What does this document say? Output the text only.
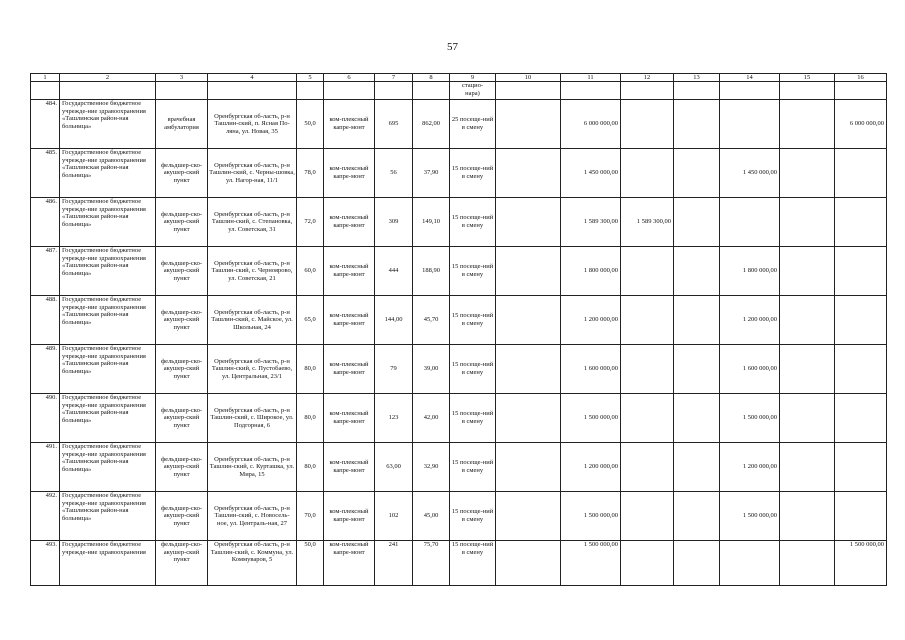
57
1	2	3	4	5	6	7	8	9	10	11	12	13	14	15	16
								стацио-
нара)							
484.	Государственное бюджетное учрежде-ние здравоохранения «Ташлинская район-ная больница»	врачебная амбулатория	Оренбургская об-ласть, р-н Ташлин-ский, п. Ясная По-ляна, ул. Новая, 35	50,0	ком-плексный капре-монт	695	862,00	25 посеще-ний в смену		6 000 000,00					6 000 000,00
485.	Государственное бюджетное учрежде-ние здравоохранения «Ташлинская район-ная больница»	фельдшер-ско-акушер-ский пункт	Оренбургская об-ласть, р-н Ташлин-ский, с. Черны-шовка, ул. Нагор-ная, 11/1	78,0	ком-плексный капре-монт	56	37,90	15 посеще-ний в смену		1 450 000,00			1 450 000,00		
486.	Государственное бюджетное учрежде-ние здравоохранения «Ташлинская район-ная больница»	фельдшер-ско-акушер-ский пункт	Оренбургская об-ласть, р-н Ташлин-ский, с. Степановка, ул. Советская, 31	72,0	ком-плексный капре-монт	309	149,10	15 посеще-ний в смену		1 589 300,00	1 589 300,00				
487.	Государственное бюджетное учрежде-ние здравоохранения «Ташлинская район-ная больница»	фельдшер-ско-акушер-ский пункт	Оренбургская об-ласть, р-н Ташлин-ский, с. Черноярово, ул. Советская, 21	60,0	ком-плексный капре-монт	444	188,90	15 посеще-ний в смену		1 800 000,00			1 800 000,00		
488.	Государственное бюджетное учрежде-ние здравоохранения «Ташлинская район-ная больница»	фельдшер-ско-акушер-ский пункт	Оренбургская об-ласть, р-н Ташлин-ский, с. Майское, ул. Школьная, 24	65,0	ком-плексный капре-монт	144,00	45,70	15 посеще-ний в смену		1 200 000,00			1 200 000,00		
489.	Государственное бюджетное учрежде-ние здравоохранения «Ташлинская район-ная больница»	фельдшер-ско-акушер-ский пункт	Оренбургская об-ласть, р-н Ташлин-ский, с. Пустобаево, ул. Центральная, 23/1	80,0	ком-плексный капре-монт	79	39,00	15 посеще-ний в смену		1 600 000,00			1 600 000,00		
490.	Государственное бюджетное учрежде-ние здравоохранения «Ташлинская район-ная больница»	фельдшер-ско-акушер-ский пункт	Оренбургская об-ласть, р-н Ташлин-ский, с. Широкое, ул. Подгорная, 6	80,0	ком-плексный капре-монт	123	42,00	15 посеще-ний в смену		1 500 000,00			1 500 000,00		
491.	Государственное бюджетное учрежде-ние здравоохранения «Ташлинская район-ная больница»	фельдшер-ско-акушер-ский пункт	Оренбургская об-ласть, р-н Ташлин-ский, с. Курташка, ул. Мира, 15	80,0	ком-плексный капре-монт	63,00	32,90	15 посеще-ний в смену		1 200 000,00			1 200 000,00		
492.	Государственное бюджетное учрежде-ние здравоохранения «Ташлинская район-ная больница»	фельдшер-ско-акушер-ский пункт	Оренбургская об-ласть, р-н Ташлин-ский, с. Новосель-ное, ул. Централь-ная, 27	70,0	ком-плексный капре-монт	102	45,00	15 посеще-ний в смену		1 500 000,00			1 500 000,00		
493.	Государственное бюджетное учрежде-ние здравоохранения	фельдшер-ско-акушер-ский пункт	Оренбургская об-ласть, р-н Ташлин-ский, с. Коммуна, ул. Коммуваров, 5	50,0	ком-плексный капре-монт	241	75,70	15 посеще-ний в смену		1 500 000,00					1 500 000,00
